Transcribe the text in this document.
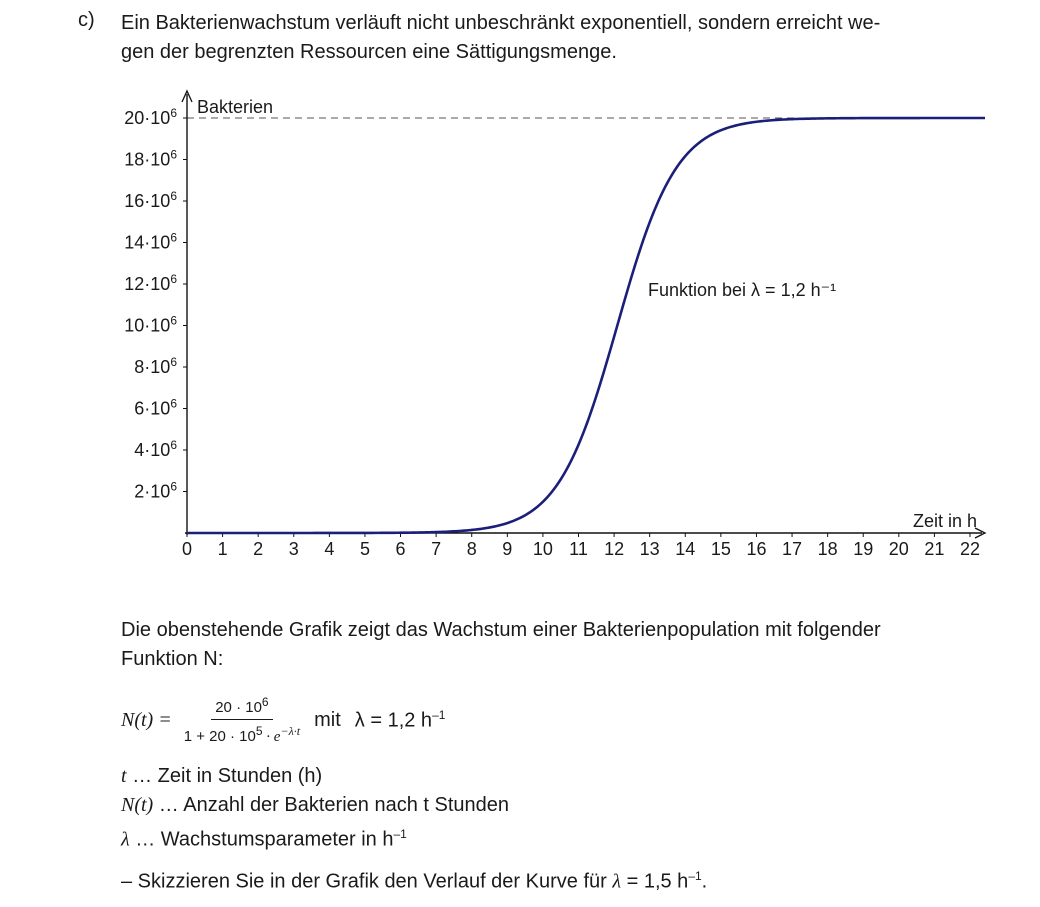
c) Ein Bakterienwachstum verläuft nicht unbeschränkt exponentiell, sondern erreicht we-
gen der begrenzten Ressourcen eine Sättigungsmenge.
Bakterien
Zeit in h
0 1 2 3 4 5 6 7 8 9 10 11 12 13 14 15 16 17 18 19 20 21 22
$2\cdot 10^6$
$4\cdot 10^6$
$6\cdot 10^6$
$8\cdot 10^6$
$10\cdot 10^6$
$12\cdot 10^6$
$14\cdot 10^6$
$16\cdot 10^6$
$18\cdot 10^6$
$20\cdot 10^6$
Funktion bei λ = 1,2 h⁻¹
Die obenstehende Grafik zeigt das Wachstum einer Bakterienpopulation mit folgender
Funktion N:
$N(t) = \frac{20 \cdot 10^6}{1 + 20 \cdot 10^5 \cdot e^{-\lambda\cdot t}}$ mit λ = 1,2 $h^{-1}$
t … Zeit in Stunden (h)
N(t) … Anzahl der Bakterien nach t Stunden
λ … Wachstumsparameter in $h^{-1}$
– Skizzieren Sie in der Grafik den Verlauf der Kurve für λ = 1,5 $h^{-1}$.
